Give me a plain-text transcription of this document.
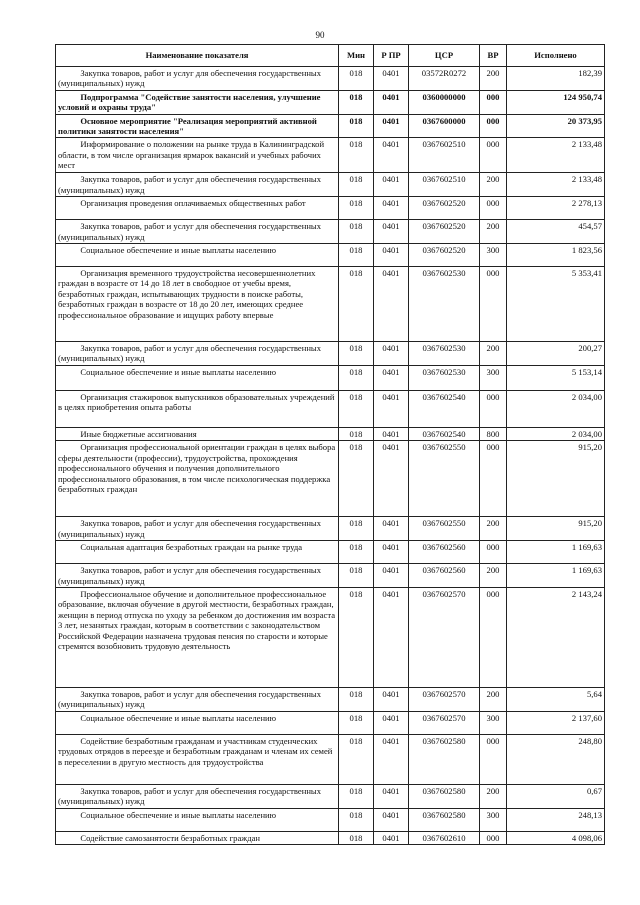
90
Наименование показателя	Мин	Р ПР	ЦСР	ВР	Исполнено
Закупка товаров, работ и услуг для обеспечения государственных (муниципальных) нужд	018	0401	03572R0272	200	182,39
Подпрограмма "Содействие занятости населения, улучшение условий и охраны труда"	018	0401	0360000000	000	124 950,74
Основное мероприятие "Реализация мероприятий активной политики занятости населения"	018	0401	0367600000	000	20 373,95
Информирование о положении на рынке труда в Калининградской области, в том числе организация ярмарок вакансий и учебных рабочих мест	018	0401	0367602510	000	2 133,48
Закупка товаров, работ и услуг для обеспечения государственных (муниципальных) нужд	018	0401	0367602510	200	2 133,48
Организация проведения оплачиваемых общественных работ	018	0401	0367602520	000	2 278,13
Закупка товаров, работ и услуг для обеспечения государственных (муниципальных) нужд	018	0401	0367602520	200	454,57
Социальное обеспечение и иные выплаты населению	018	0401	0367602520	300	1 823,56
Организация временного трудоустройства несовершеннолетних граждан в возрасте от 14 до 18 лет в свободное от учебы время, безработных граждан, испытывающих трудности в поиске работы, безработных граждан в возрасте от 18 до 20 лет, имеющих среднее профессиональное образование и ищущих работу впервые	018	0401	0367602530	000	5 353,41
Закупка товаров, работ и услуг для обеспечения государственных (муниципальных) нужд	018	0401	0367602530	200	200,27
Социальное обеспечение и иные выплаты населению	018	0401	0367602530	300	5 153,14
Организация стажировок выпускников образовательных учреждений в целях приобретения опыта работы	018	0401	0367602540	000	2 034,00
Иные бюджетные ассигнования	018	0401	0367602540	800	2 034,00
Организация профессиональной ориентации граждан в целях выбора сферы деятельности (профессии), трудоустройства, прохождения профессионального обучения и получения дополнительного профессионального образования, в том числе психологическая поддержка безработных граждан	018	0401	0367602550	000	915,20
Закупка товаров, работ и услуг для обеспечения государственных (муниципальных) нужд	018	0401	0367602550	200	915,20
Социальная адаптация безработных граждан на рынке труда	018	0401	0367602560	000	1 169,63
Закупка товаров, работ и услуг для обеспечения государственных (муниципальных) нужд	018	0401	0367602560	200	1 169,63
Профессиональное обучение и дополнительное профессиональное образование, включая обучение в другой местности, безработных граждан, женщин в период отпуска по уходу за ребенком до достижения им возраста 3 лет, незанятых граждан, которым в соответствии с законодательством Российской Федерации назначена трудовая пенсия по старости и которые стремятся возобновить трудовую деятельность	018	0401	0367602570	000	2 143,24
Закупка товаров, работ и услуг для обеспечения государственных (муниципальных) нужд	018	0401	0367602570	200	5,64
Социальное обеспечение и иные выплаты населению	018	0401	0367602570	300	2 137,60
Содействие безработным гражданам и участникам студенческих трудовых отрядов в переезде и безработным гражданам и членам их семей в переселении в другую местность для трудоустройства	018	0401	0367602580	000	248,80
Закупка товаров, работ и услуг для обеспечения государственных (муниципальных) нужд	018	0401	0367602580	200	0,67
Социальное обеспечение и иные выплаты населению	018	0401	0367602580	300	248,13
Содействие самозанятости безработных граждан	018	0401	0367602610	000	4 098,06
